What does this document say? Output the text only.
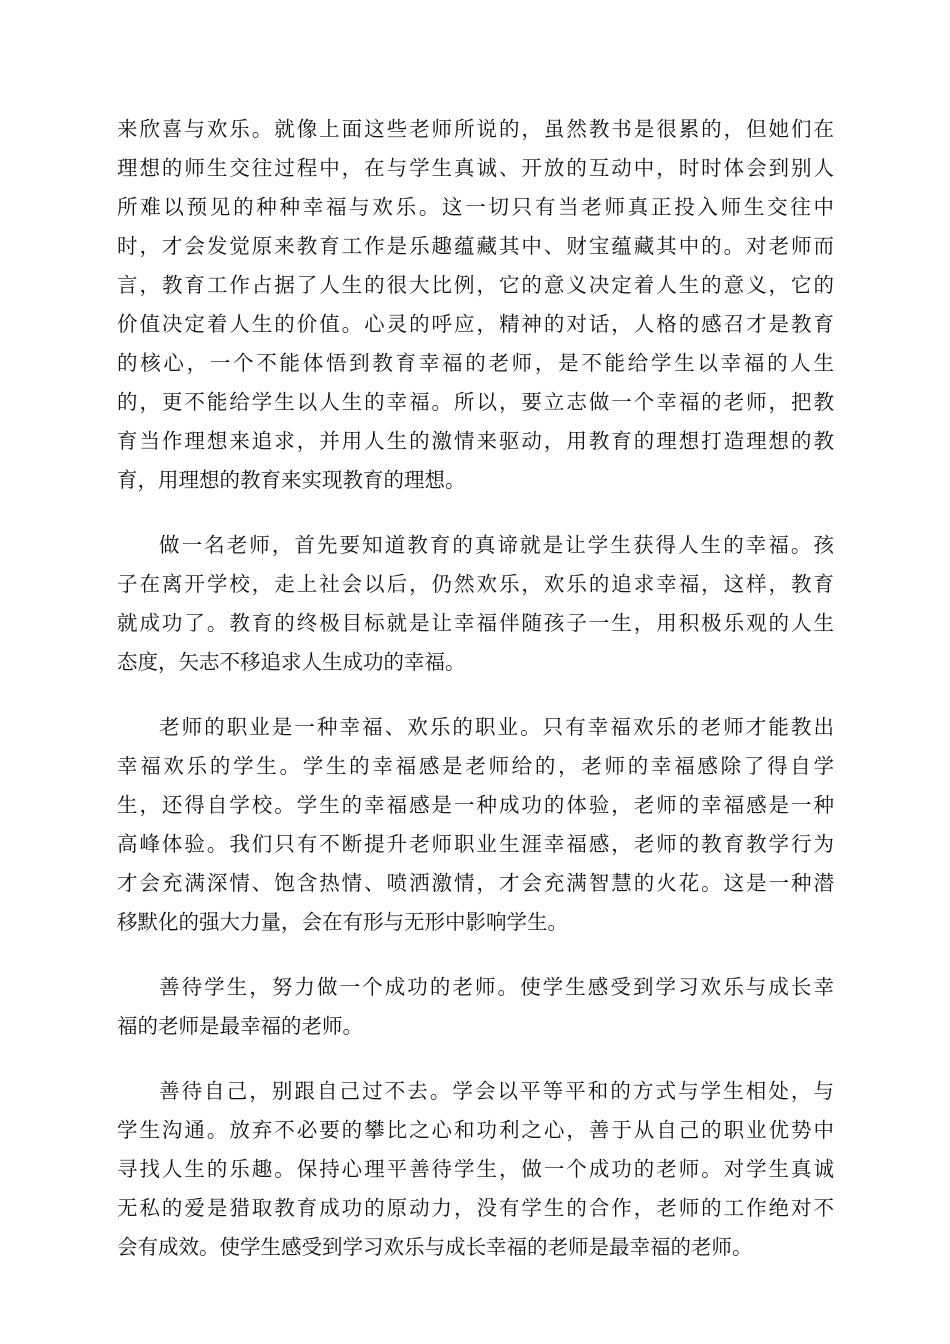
来欣喜与欢乐。就像上面这些老师所说的，虽然教书是很累的，但她们在
理想的师生交往过程中，在与学生真诚、开放的互动中，时时体会到别人
所难以预见的种种幸福与欢乐。这一切只有当老师真正投入师生交往中
时，才会发觉原来教育工作是乐趣蕴藏其中、财宝蕴藏其中的。对老师而
言，教育工作占据了人生的很大比例，它的意义决定着人生的意义，它的
价值决定着人生的价值。心灵的呼应，精神的对话，人格的感召才是教育
的核心，一个不能体悟到教育幸福的老师，是不能给学生以幸福的人生
的，更不能给学生以人生的幸福。所以，要立志做一个幸福的老师，把教
育当作理想来追求，并用人生的激情来驱动，用教育的理想打造理想的教
育，用理想的教育来实现教育的理想。
做一名老师，首先要知道教育的真谛就是让学生获得人生的幸福。孩
子在离开学校，走上社会以后，仍然欢乐，欢乐的追求幸福，这样，教育
就成功了。教育的终极目标就是让幸福伴随孩子一生，用积极乐观的人生
态度，矢志不移追求人生成功的幸福。
老师的职业是一种幸福、欢乐的职业。只有幸福欢乐的老师才能教出
幸福欢乐的学生。学生的幸福感是老师给的，老师的幸福感除了得自学
生，还得自学校。学生的幸福感是一种成功的体验，老师的幸福感是一种
高峰体验。我们只有不断提升老师职业生涯幸福感，老师的教育教学行为
才会充满深情、饱含热情、喷洒激情，才会充满智慧的火花。这是一种潜
移默化的强大力量，会在有形与无形中影响学生。
善待学生，努力做一个成功的老师。使学生感受到学习欢乐与成长幸
福的老师是最幸福的老师。
善待自己，别跟自己过不去。学会以平等平和的方式与学生相处，与
学生沟通。放弃不必要的攀比之心和功利之心，善于从自己的职业优势中
寻找人生的乐趣。保持心理平善待学生，做一个成功的老师。对学生真诚
无私的爱是猎取教育成功的原动力，没有学生的合作，老师的工作绝对不
会有成效。使学生感受到学习欢乐与成长幸福的老师是最幸福的老师。
